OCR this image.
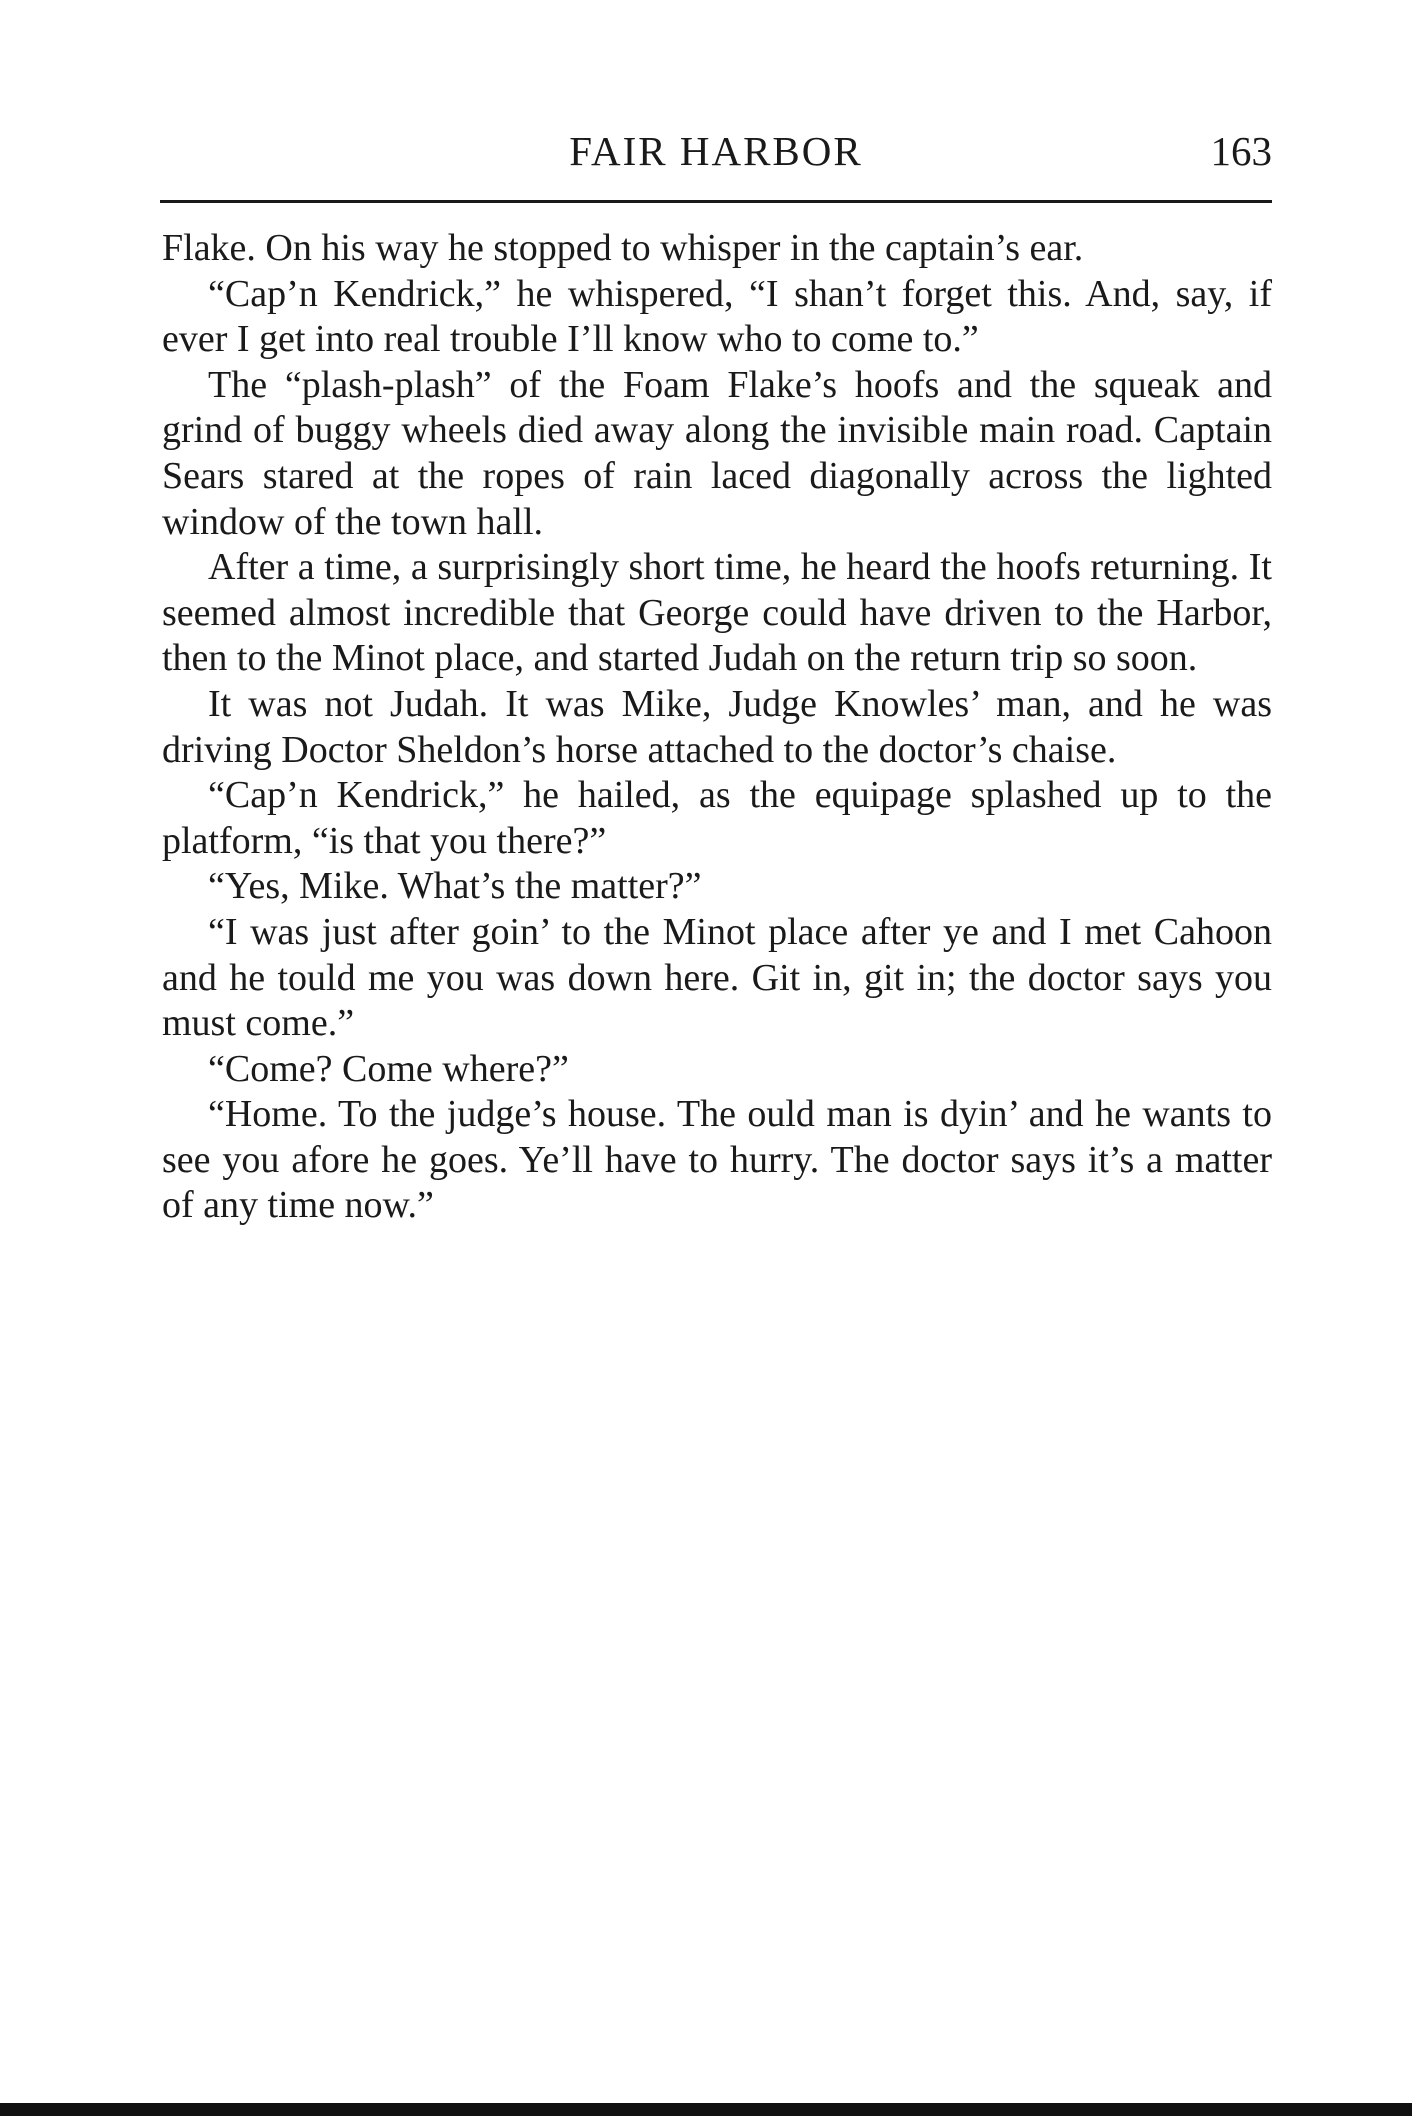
FAIR HARBOR	163

Flake. On his way he stopped to whisper in the captain’s ear.

“Cap’n Kendrick,” he whispered, “I shan’t forget this. And, say, if ever I get into real trouble I’ll know who to come to.”

The “plash-plash” of the Foam Flake’s hoofs and the squeak and grind of buggy wheels died away along the invisible main road. Captain Sears stared at the ropes of rain laced diagonally across the lighted window of the town hall.

After a time, a surprisingly short time, he heard the hoofs returning. It seemed almost incredible that George could have driven to the Harbor, then to the Minot place, and started Judah on the return trip so soon.

It was not Judah. It was Mike, Judge Knowles’ man, and he was driving Doctor Sheldon’s horse attached to the doctor’s chaise.

“Cap’n Kendrick,” he hailed, as the equipage splashed up to the platform, “is that you there?”

“Yes, Mike. What’s the matter?”

“I was just after goin’ to the Minot place after ye and I met Cahoon and he tould me you was down here. Git in, git in; the doctor says you must come.”

“Come? Come where?”

“Home. To the judge’s house. The ould man is dyin’ and he wants to see you afore he goes. Ye’ll have to hurry. The doctor says it’s a matter of any time now.”
